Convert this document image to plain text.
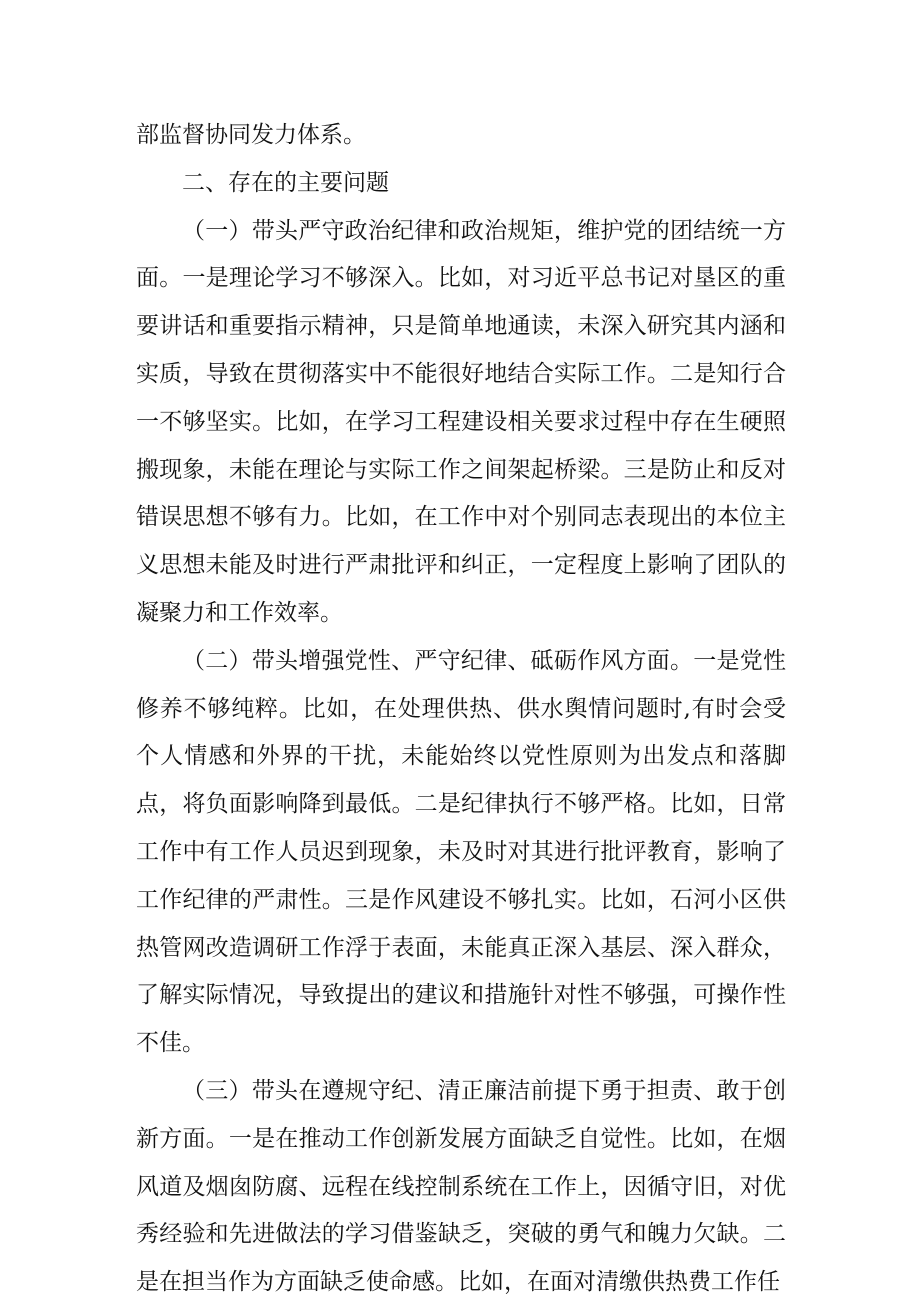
部监督协同发力体系。

二、存在的主要问题

（一）带头严守政治纪律和政治规矩，维护党的团结统一方面。一是理论学习不够深入。比如，对习近平总书记对垦区的重要讲话和重要指示精神，只是简单地通读，未深入研究其内涵和实质，导致在贯彻落实中不能很好地结合实际工作。二是知行合一不够坚实。比如，在学习工程建设相关要求过程中存在生硬照搬现象，未能在理论与实际工作之间架起桥梁。三是防止和反对错误思想不够有力。比如，在工作中对个别同志表现出的本位主义思想未能及时进行严肃批评和纠正，一定程度上影响了团队的凝聚力和工作效率。

（二）带头增强党性、严守纪律、砥砺作风方面。一是党性修养不够纯粹。比如，在处理供热、供水舆情问题时,有时会受个人情感和外界的干扰，未能始终以党性原则为出发点和落脚点，将负面影响降到最低。二是纪律执行不够严格。比如，日常工作中有工作人员迟到现象，未及时对其进行批评教育，影响了工作纪律的严肃性。三是作风建设不够扎实。比如，石河小区供热管网改造调研工作浮于表面，未能真正深入基层、深入群众，了解实际情况，导致提出的建议和措施针对性不够强，可操作性不佳。

（三）带头在遵规守纪、清正廉洁前提下勇于担责、敢于创新方面。一是在推动工作创新发展方面缺乏自觉性。比如，在烟风道及烟囱防腐、远程在线控制系统在工作上，因循守旧，对优秀经验和先进做法的学习借鉴缺乏，突破的勇气和魄力欠缺。二是在担当作为方面缺乏使命感。比如，在面对清缴供热费工作任
